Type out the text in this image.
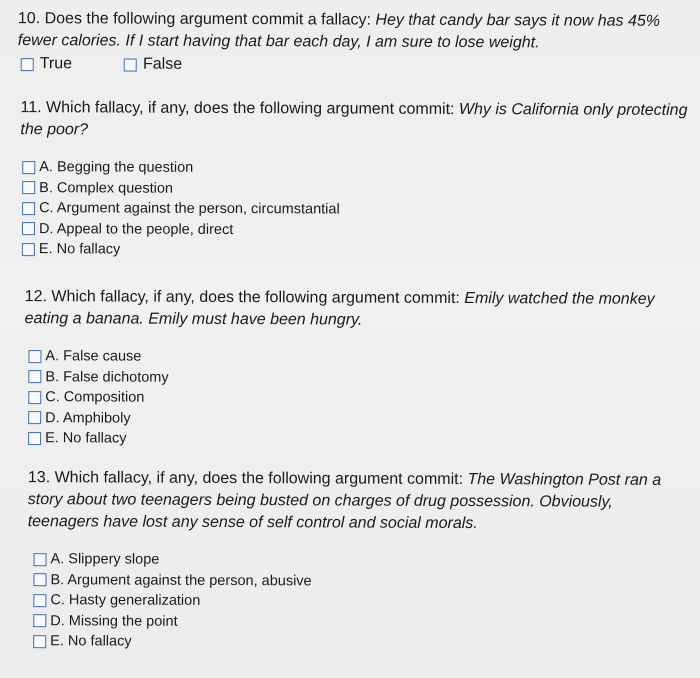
10. Does the following argument commit a fallacy: Hey that candy bar says it now has 45% fewer calories. If I start having that bar each day, I am sure to lose weight.

True	False

11. Which fallacy, if any, does the following argument commit: Why is California only protecting the poor?

A. Begging the question
B. Complex question
C. Argument against the person, circumstantial
D. Appeal to the people, direct
E. No fallacy

12. Which fallacy, if any, does the following argument commit: Emily watched the monkey eating a banana. Emily must have been hungry.

A. False cause
B. False dichotomy
C. Composition
D. Amphiboly
E. No fallacy

13. Which fallacy, if any, does the following argument commit: The Washington Post ran a story about two teenagers being busted on charges of drug possession. Obviously, teenagers have lost any sense of self control and social morals.

A. Slippery slope
B. Argument against the person, abusive
C. Hasty generalization
D. Missing the point
E. No fallacy
